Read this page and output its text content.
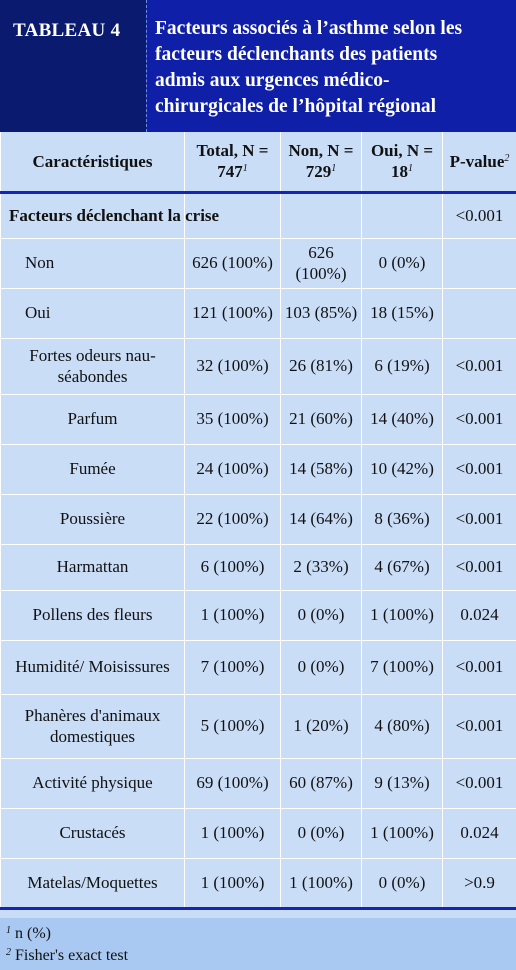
TABLEAU 4	Facteurs associés à l’asthme selon les
facteurs déclenchants des patients
admis aux urgences médico-
chirurgicales de l’hôpital régional
Caractéristiques	Total, $N = 747^1$	Non, $N = 729^1$	Oui, $N = 18^1$	P-value$^2$
Facteurs déclenchant la crise				<0.001
Non	626 (100%)	626 (100%)	0 (0%)	
Oui	121 (100%)	103 (85%)	18 (15%)	
Fortes odeurs nau-séabondes	32 (100%)	26 (81%)	6 (19%)	<0.001
Parfum	35 (100%)	21 (60%)	14 (40%)	<0.001
Fumée	24 (100%)	14 (58%)	10 (42%)	<0.001
Poussière	22 (100%)	14 (64%)	8 (36%)	<0.001
Harmattan	6 (100%)	2 (33%)	4 (67%)	<0.001
Pollens des fleurs	1 (100%)	0 (0%)	1 (100%)	0.024
Humidité/ Moisissures	7 (100%)	0 (0%)	7 (100%)	<0.001
Phanères d'animaux domestiques	5 (100%)	1 (20%)	4 (80%)	<0.001
Activité physique	69 (100%)	60 (87%)	9 (13%)	<0.001
Crustacés	1 (100%)	0 (0%)	1 (100%)	0.024
Matelas/Moquettes	1 (100%)	1 (100%)	0 (0%)	>0.9
$^1$ n (%)
$^2$ Fisher's exact test
